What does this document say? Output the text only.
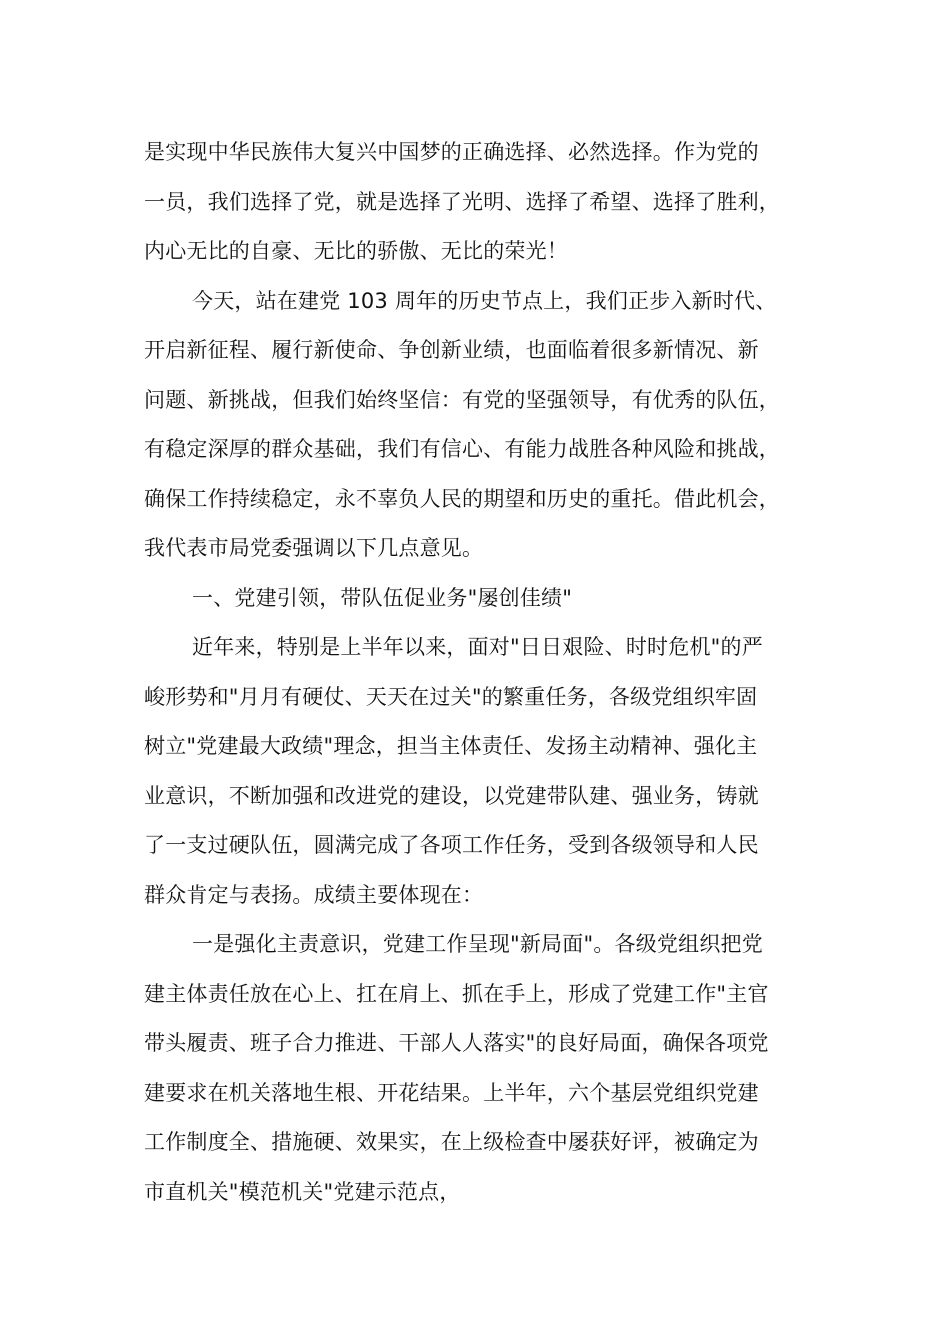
是实现中华民族伟大复兴中国梦的正确选择、必然选择。作为党的
一员，我们选择了党，就是选择了光明、选择了希望、选择了胜利，
内心无比的自豪、无比的骄傲、无比的荣光！
今天，站在建党 103 周年的历史节点上，我们正步入新时代、
开启新征程、履行新使命、争创新业绩，也面临着很多新情况、新
问题、新挑战，但我们始终坚信：有党的坚强领导，有优秀的队伍，
有稳定深厚的群众基础，我们有信心、有能力战胜各种风险和挑战，
确保工作持续稳定，永不辜负人民的期望和历史的重托。借此机会，
我代表市局党委强调以下几点意见。
一、党建引领，带队伍促业务"屡创佳绩"
近年来，特别是上半年以来，面对"日日艰险、时时危机"的严
峻形势和"月月有硬仗、天天在过关"的繁重任务，各级党组织牢固
树立"党建最大政绩"理念，担当主体责任、发扬主动精神、强化主
业意识，不断加强和改进党的建设，以党建带队建、强业务，铸就
了一支过硬队伍，圆满完成了各项工作任务，受到各级领导和人民
群众肯定与表扬。成绩主要体现在：
一是强化主责意识，党建工作呈现"新局面"。各级党组织把党
建主体责任放在心上、扛在肩上、抓在手上，形成了党建工作"主官
带头履责、班子合力推进、干部人人落实"的良好局面，确保各项党
建要求在机关落地生根、开花结果。上半年，六个基层党组织党建
工作制度全、措施硬、效果实，在上级检查中屡获好评，被确定为
市直机关"模范机关"党建示范点，
